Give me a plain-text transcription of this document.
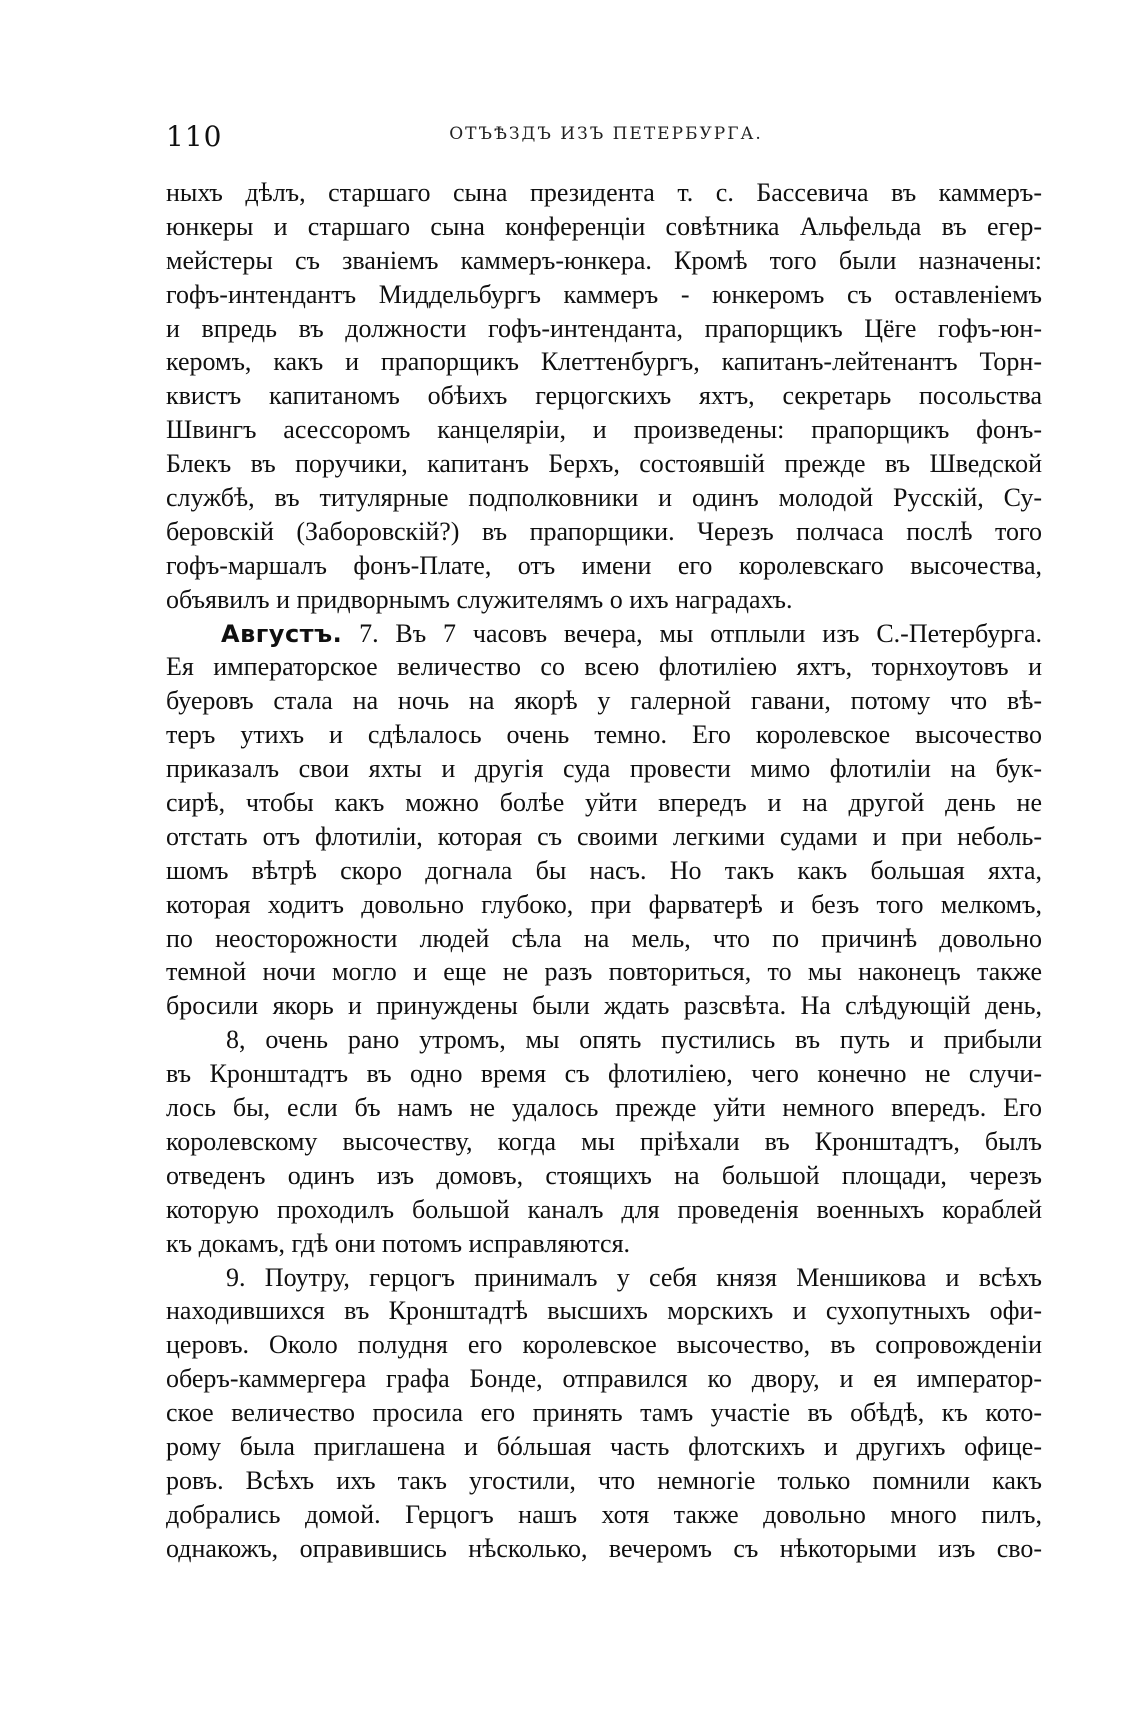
110	ОТЪѢЗДЪ ИЗЪ ПЕТЕРБУРГА.
ныхъ дѣлъ, старшаго сына президента т. с. Бассевича въ каммеръ-
юнкеры и старшаго сына конференціи совѣтника Альфельда въ егер-
мейстеры съ званіемъ каммеръ-юнкера. Кромѣ того были назначены:
гофъ-интендантъ Миддельбургъ каммеръ - юнкеромъ съ оставленіемъ
и впредь въ должности гофъ-интенданта, прапорщикъ Цёге гофъ-юн-
керомъ, какъ и прапорщикъ Клеттенбургъ, капитанъ-лейтенантъ Торн-
квистъ капитаномъ обѣихъ герцогскихъ яхтъ, секретарь посольства
Швингъ асессоромъ канцеляріи, и произведены: прапорщикъ фонъ-
Блекъ въ поручики, капитанъ Берхъ, состоявшій прежде въ Шведской
службѣ, въ титулярные подполковники и одинъ молодой Русскій, Су-
беровскій (Заборовскій?) въ прапорщики. Черезъ полчаса послѣ того
гофъ-маршалъ фонъ-Плате, отъ имени его королевскаго высочества,
объявилъ и придворнымъ служителямъ о ихъ наградахъ.
Августъ. 7. Въ 7 часовъ вечера, мы отплыли изъ С.-Петербурга.
Ея императорское величество со всею флотиліею яхтъ, торнхоутовъ и
буеровъ стала на ночь на якорѣ у галерной гавани, потому что вѣ-
теръ утихъ и сдѣлалось очень темно. Его королевское высочество
приказалъ свои яхты и другія суда провести мимо флотиліи на бук-
сирѣ, чтобы какъ можно болѣе уйти впередъ и на другой день не
отстать отъ флотиліи, которая съ своими легкими судами и при неболь-
шомъ вѣтрѣ скоро догнала бы насъ. Но такъ какъ большая яхта,
которая ходитъ довольно глубоко, при фарватерѣ и безъ того мелкомъ,
по неосторожности людей сѣла на мель, что по причинѣ довольно
темной ночи могло и еще не разъ повториться, то мы наконецъ также
бросили якорь и принуждены были ждать разсвѣта. На слѣдующій день,
8, очень рано утромъ, мы опять пустились въ путь и прибыли
въ Кронштадтъ въ одно время съ флотиліею, чего конечно не случи-
лось бы, если бъ намъ не удалось прежде уйти немного впередъ. Его
королевскому высочеству, когда мы пріѣхали въ Кронштадтъ, былъ
отведенъ одинъ изъ домовъ, стоящихъ на большой площади, черезъ
которую проходилъ большой каналъ для проведенія военныхъ кораблей
къ докамъ, гдѣ они потомъ исправляются.
9. Поутру, герцогъ принималъ у себя князя Меншикова и всѣхъ
находившихся въ Кронштадтѣ высшихъ морскихъ и сухопутныхъ офи-
церовъ. Около полудня его королевское высочество, въ сопровожденіи
оберъ-каммергера графа Бонде, отправился ко двору, и ея император-
ское величество просила его принять тамъ участіе въ обѣдѣ, къ кото-
рому была приглашена и бóльшая часть флотскихъ и другихъ офице-
ровъ. Всѣхъ ихъ такъ угостили, что немногіе только помнили какъ
добрались домой. Герцогъ нашъ хотя также довольно много пилъ,
однакожъ, оправившись нѣсколько, вечеромъ съ нѣкоторыми изъ сво-
